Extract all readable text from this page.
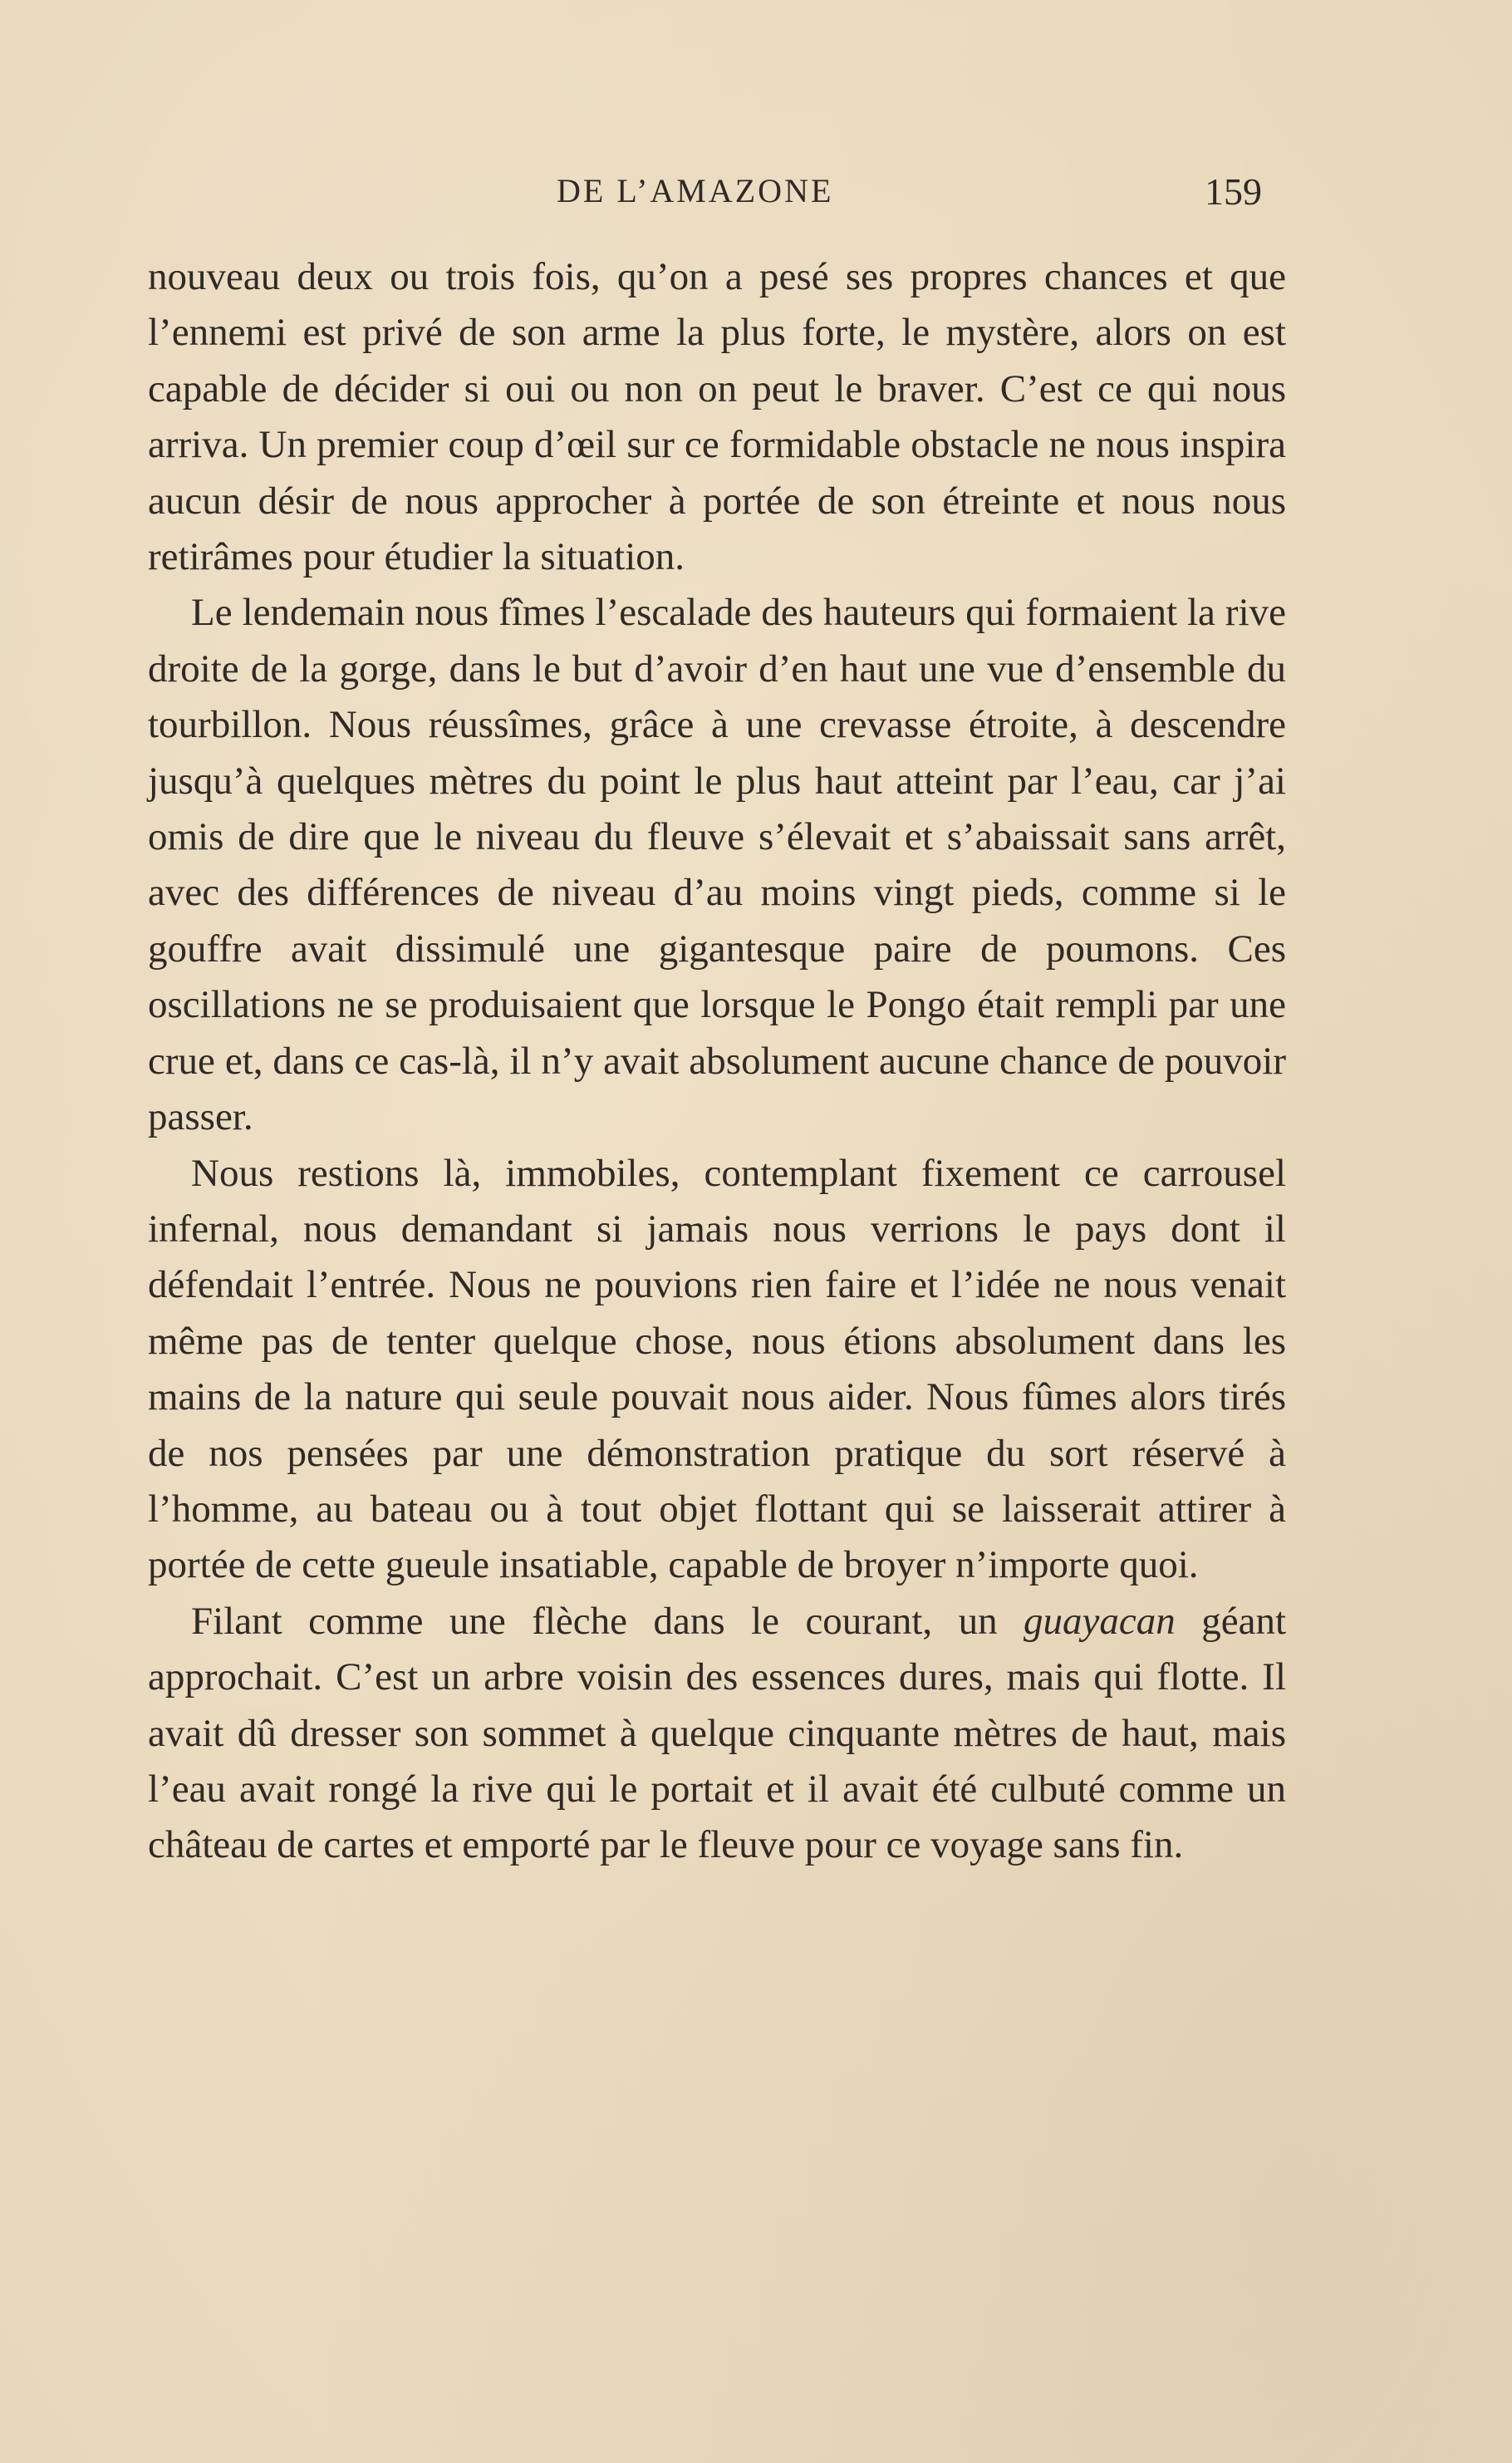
DE L’AMAZONE	159

nouveau deux ou trois fois, qu’on a pesé ses propres chances et que l’ennemi est privé de son arme la plus forte, le mystère, alors on est capable de décider si oui ou non on peut le braver. C’est ce qui nous arriva. Un premier coup d’œil sur ce formidable obstacle ne nous inspira aucun désir de nous approcher à portée de son étreinte et nous nous retirâmes pour étudier la situation.

Le lendemain nous fîmes l’escalade des hauteurs qui formaient la rive droite de la gorge, dans le but d’avoir d’en haut une vue d’ensemble du tourbillon. Nous réussîmes, grâce à une crevasse étroite, à descendre jusqu’à quelques mètres du point le plus haut atteint par l’eau, car j’ai omis de dire que le niveau du fleuve s’élevait et s’abaissait sans arrêt, avec des différences de niveau d’au moins vingt pieds, comme si le gouffre avait dissimulé une gigantesque paire de poumons. Ces oscillations ne se produisaient que lorsque le Pongo était rempli par une crue et, dans ce cas-là, il n’y avait absolument aucune chance de pouvoir passer.

Nous restions là, immobiles, contemplant fixement ce carrousel infernal, nous demandant si jamais nous verrions le pays dont il défendait l’entrée. Nous ne pouvions rien faire et l’idée ne nous venait même pas de tenter quelque chose, nous étions absolument dans les mains de la nature qui seule pouvait nous aider. Nous fûmes alors tirés de nos pensées par une démonstration pratique du sort réservé à l’homme, au bateau ou à tout objet flottant qui se laisserait attirer à portée de cette gueule insatiable, capable de broyer n’importe quoi.

Filant comme une flèche dans le courant, un guayacan géant approchait. C’est un arbre voisin des essences dures, mais qui flotte. Il avait dû dresser son sommet à quelque cinquante mètres de haut, mais l’eau avait rongé la rive qui le portait et il avait été culbuté comme un château de cartes et emporté par le fleuve pour ce voyage sans fin.
